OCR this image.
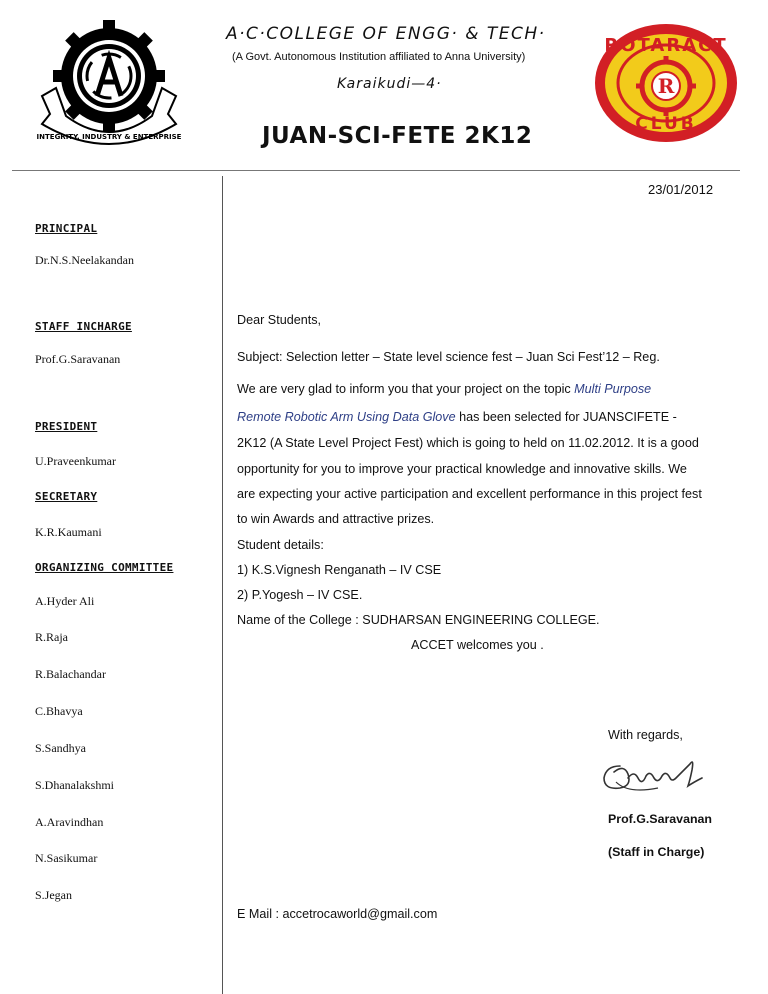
INTEGRITY, INDUSTRY & ENTERPRISE
ROTARACT
CLUB
R
A·C·COLLEGE OF ENGG· & TECH·
(A Govt. Autonomous Institution affiliated to Anna University)
Karaikudi—4·
JUAN-SCI-FETE 2K12
23/01/2012
PRINCIPAL
Dr.N.S.Neelakandan
STAFF INCHARGE
Prof.G.Saravanan
PRESIDENT
U.Praveenkumar
SECRETARY
K.R.Kaumani
ORGANIZING COMMITTEE
A.Hyder Ali
R.Raja
R.Balachandar
C.Bhavya
S.Sandhya
S.Dhanalakshmi
A.Aravindhan
N.Sasikumar
S.Jegan
Dear Students,
Subject: Selection letter – State level science fest – Juan Sci Fest’12 – Reg.
We are very glad to inform you that your project on the topic Multi Purpose
Remote Robotic Arm Using Data Glove has been selected for JUANSCIFETE -
2K12 (A State Level Project Fest) which is going to held on 11.02.2012. It is a good
opportunity for you to improve your practical knowledge and innovative skills. We
are expecting your active participation and excellent performance in this project fest
to win Awards and attractive prizes.
Student details:
1) K.S.Vignesh Renganath – IV CSE
2) P.Yogesh – IV CSE.
Name of the College : SUDHARSAN ENGINEERING COLLEGE.
ACCET welcomes you .
With regards,
Prof.G.Saravanan
(Staff in Charge)
E Mail : accetrocaworld@gmail.com
